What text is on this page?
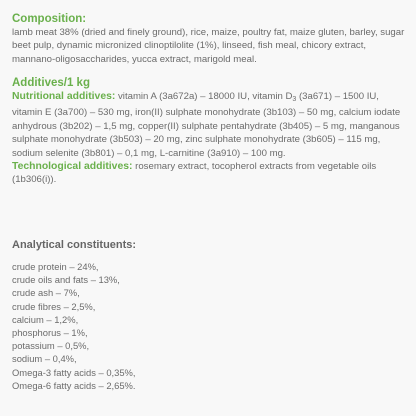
Composition:

lamb meat 38% (dried and finely ground), rice, maize, poultry fat, maize gluten, barley, sugar beet pulp, dynamic micronized clinoptilolite (1%), linseed, fish meal, chicory extract, mannano-oligosaccharides, yucca extract, marigold meal.

Additives/1 kg

Nutritional additives: vitamin A (3a672a) – 18000 IU, vitamin $D_3$ (3a671) – 1500 IU, vitamin E (3a700) – 530 mg, iron(II) sulphate monohydrate (3b103) – 50 mg, calcium iodate anhydrous (3b202) – 1,5 mg, copper(II) sulphate pentahydrate (3b405) – 5 mg, manganous sulphate monohydrate (3b503) – 20 mg, zinc sulphate monohydrate (3b605) – 115 mg, sodium selenite (3b801) – 0,1 mg, L-carnitine (3a910) – 100 mg.

Technological additives: rosemary extract, tocopherol extracts from vegetable oils (1b306(i)).

Analytical constituents:

crude protein – 24%,
crude oils and fats – 13%,
crude ash – 7%,
crude fibres – 2,5%,
calcium – 1,2%,
phosphorus – 1%,
potassium – 0,5%,
sodium – 0,4%,
Omega-3 fatty acids – 0,35%,
Omega-6 fatty acids – 2,65%.
